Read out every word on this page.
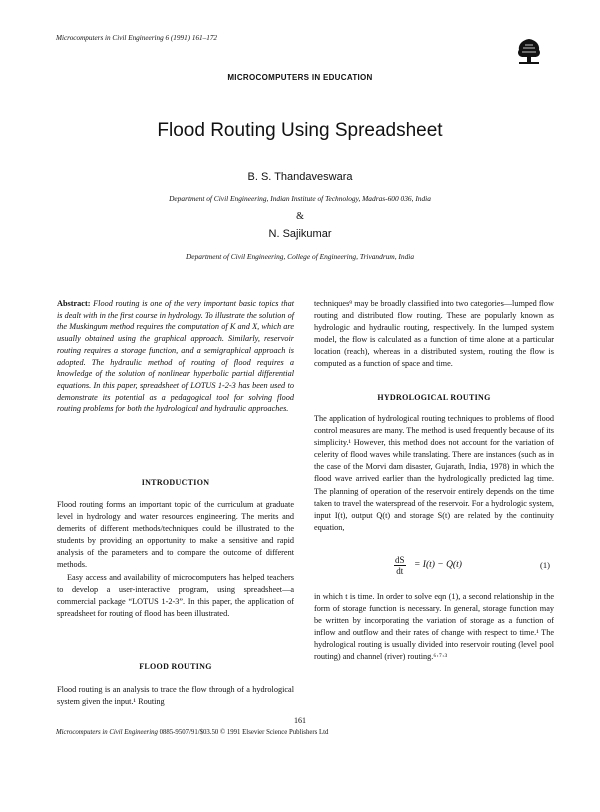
Microcomputers in Civil Engineering 6 (1991) 161–172
MICROCOMPUTERS IN EDUCATION
Flood Routing Using Spreadsheet
B. S. Thandaveswara
Department of Civil Engineering, Indian Institute of Technology, Madras-600 036, India
&
N. Sajikumar
Department of Civil Engineering, College of Engineering, Trivandrum, India

Abstract: Flood routing is one of the very important basic topics that is dealt with in the first course in hydrology. To illustrate the solution of the Muskingum method requires the computation of K and X, which are usually obtained using the graphical approach. Similarly, reservoir routing requires a storage function, and a semigraphical approach is adopted. The hydraulic method of routing of flood requires a knowledge of the solution of nonlinear hyperbolic partial differential equations. In this paper, spreadsheet of LOTUS 1-2-3 has been used to demonstrate its potential as a pedagogical tool for solving flood routing problems for both the hydrological and hydraulic approaches.

INTRODUCTION

Flood routing forms an important topic of the curriculum at graduate level in hydrology and water resources engineering. The merits and demerits of different methods/techniques could be illustrated to the students by providing an opportunity to make a sensitive and rapid analysis of the parameters and to compare the outcome of different methods.

Easy access and availability of microcomputers has helped teachers to develop a user-interactive program, using spreadsheet—a commercial package “LOTUS 1-2-3”. In this paper, the application of spreadsheet for routing of flood has been illustrated.

FLOOD ROUTING

Flood routing is an analysis to trace the flow through of a hydrological system given the input.¹ Routing

techniques⁹ may be broadly classified into two categories—lumped flow routing and distributed flow routing. These are popularly known as hydrologic and hydraulic routing, respectively. In the lumped system model, the flow is calculated as a function of time alone at a particular location (reach), whereas in a distributed system, routing the flow is computed as a function of space and time.

HYDROLOGICAL ROUTING

The application of hydrological routing techniques to problems of flood control measures are many. The method is used frequently because of its simplicity.¹ However, this method does not account for the variation of celerity of flood waves while translating. There are instances (such as in the case of the Morvi dam disaster, Gujarath, India, 1978) in which the flood wave arrived earlier than the hydrologically predicted lag time. The planning of operation of the reservoir entirely depends on the time taken to travel the waterspread of the reservoir. For a hydrologic system, input I(t), output Q(t) and storage S(t) are related by the continuity equation,

$\frac{dS}{dt} = I(t) - Q(t)$	(1)

in which t is time. In order to solve eqn (1), a second relationship in the form of storage function is necessary. In general, storage function may be written by incorporating the variation of storage as a function of inflow and outflow and their rates of change with respect to time.¹ The hydrological routing is usually divided into reservoir routing (level pool routing) and channel (river) routing.⁶·⁷·³

161
Microcomputers in Civil Engineering 0885-9507/91/$03.50 © 1991 Elsevier Science Publishers Ltd
